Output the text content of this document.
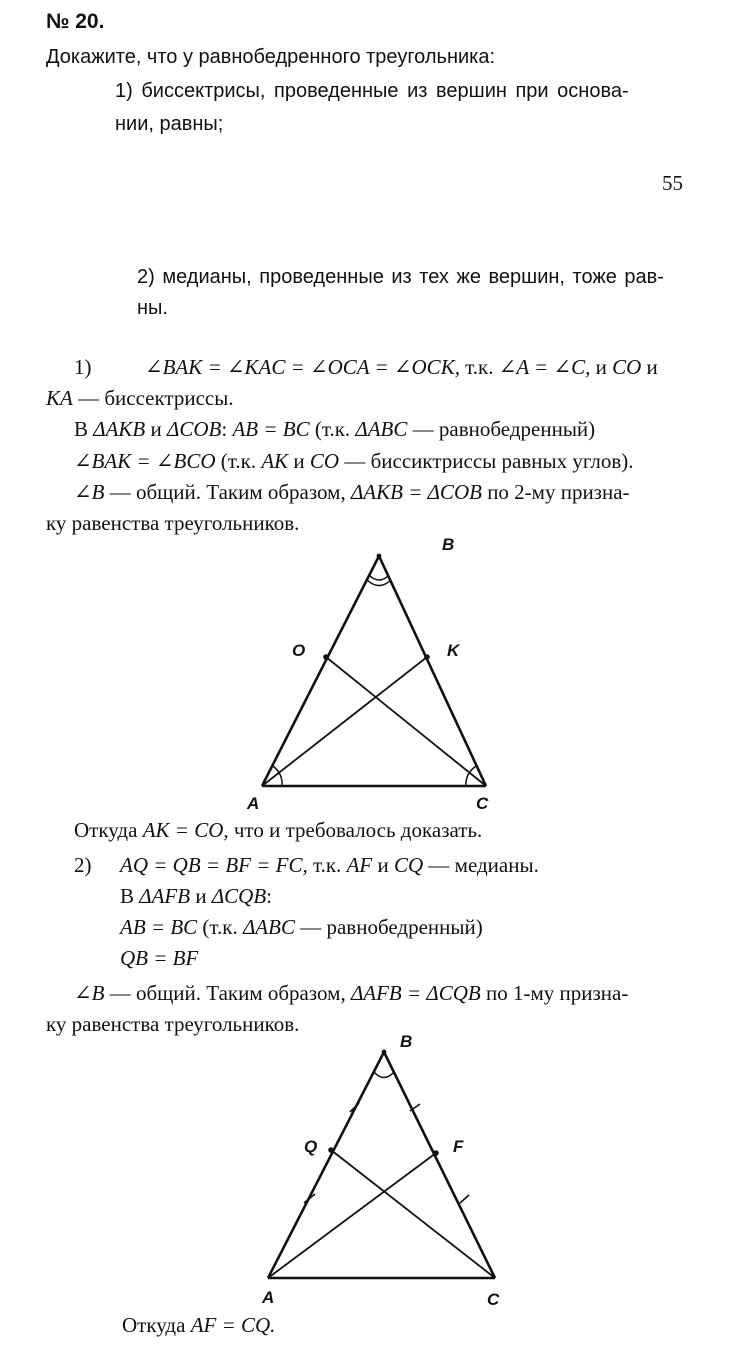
№ 20.
Докажите, что у равнобедренного треугольника:
1) биссектрисы, проведенные из вершин при основа-
нии, равны;
55
2) медианы, проведенные из тех же вершин, тоже рав-
ны.
1)	∠BAK = ∠KAC = ∠OCA = ∠OCK, т.к. ∠A = ∠C, и CO и
KA — биссектриссы.
В ΔAKB и ΔCOB: AB = BC (т.к. ΔABC — равнобедренный)
∠BAK = ∠BCO (т.к. AK и CO — биссиктриссы равных углов).
∠B — общий. Таким образом, ΔAKB = ΔCOB по 2-му призна-
ку равенства треугольников.
B
O	K
A	C
Откуда AK = CO, что и требовалось доказать.
2) AQ = QB = BF = FC, т.к. AF и CQ — медианы.
В ΔAFB и ΔCQB:
AB = BC (т.к. ΔABC — равнобедренный)
QB = BF
∠B — общий. Таким образом, ΔAFB = ΔCQB по 1-му призна-
ку равенства треугольников.
B
Q	F
A	C
Откуда AF = CQ.
